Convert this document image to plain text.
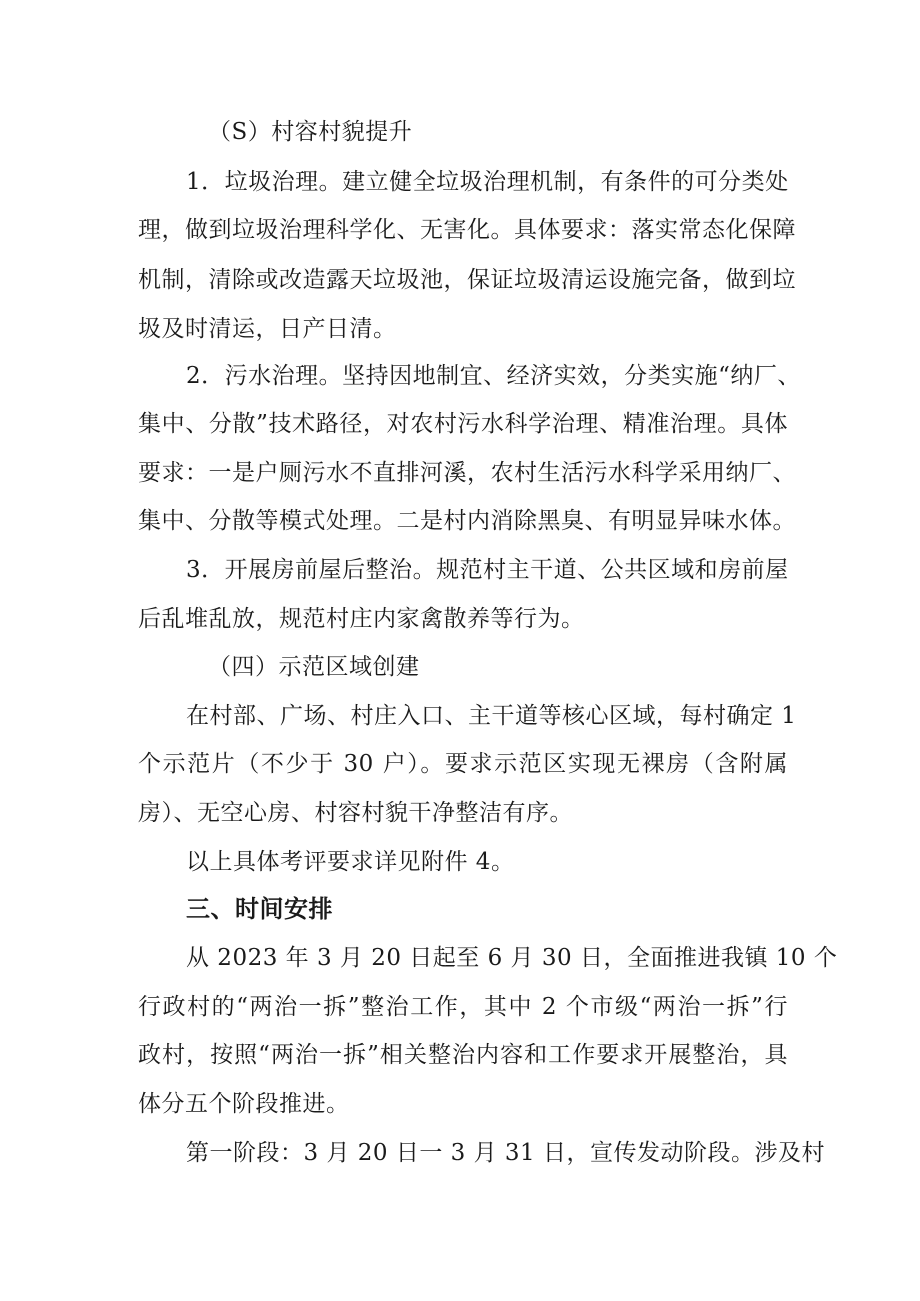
（S）村容村貌提升
1．垃圾治理。建立健全垃圾治理机制，有条件的可分类处
理，做到垃圾治理科学化、无害化。具体要求：落实常态化保障
机制，清除或改造露天垃圾池，保证垃圾清运设施完备，做到垃
圾及时清运，日产日清。
2．污水治理。坚持因地制宜、经济实效，分类实施“纳厂、
集中、分散”技术路径，对农村污水科学治理、精准治理。具体
要求：一是户厕污水不直排河溪，农村生活污水科学采用纳厂、
集中、分散等模式处理。二是村内消除黑臭、有明显异味水体。
3．开展房前屋后整治。规范村主干道、公共区域和房前屋
后乱堆乱放，规范村庄内家禽散养等行为。
（四）示范区域创建
在村部、广场、村庄入口、主干道等核心区域，每村确定 1
个示范片（不少于 30 户）。要求示范区实现无裸房（含附属
房）、无空心房、村容村貌干净整洁有序。
以上具体考评要求详见附件 4。
三、时间安排
从 2023 年 3 月 20 日起至 6 月 30 日，全面推进我镇 10 个
行政村的“两治一拆”整治工作，其中 2 个市级“两治一拆”行
政村，按照“两治一拆”相关整治内容和工作要求开展整治，具
体分五个阶段推进。
第一阶段：3 月 20 日一 3 月 31 日，宣传发动阶段。涉及村
